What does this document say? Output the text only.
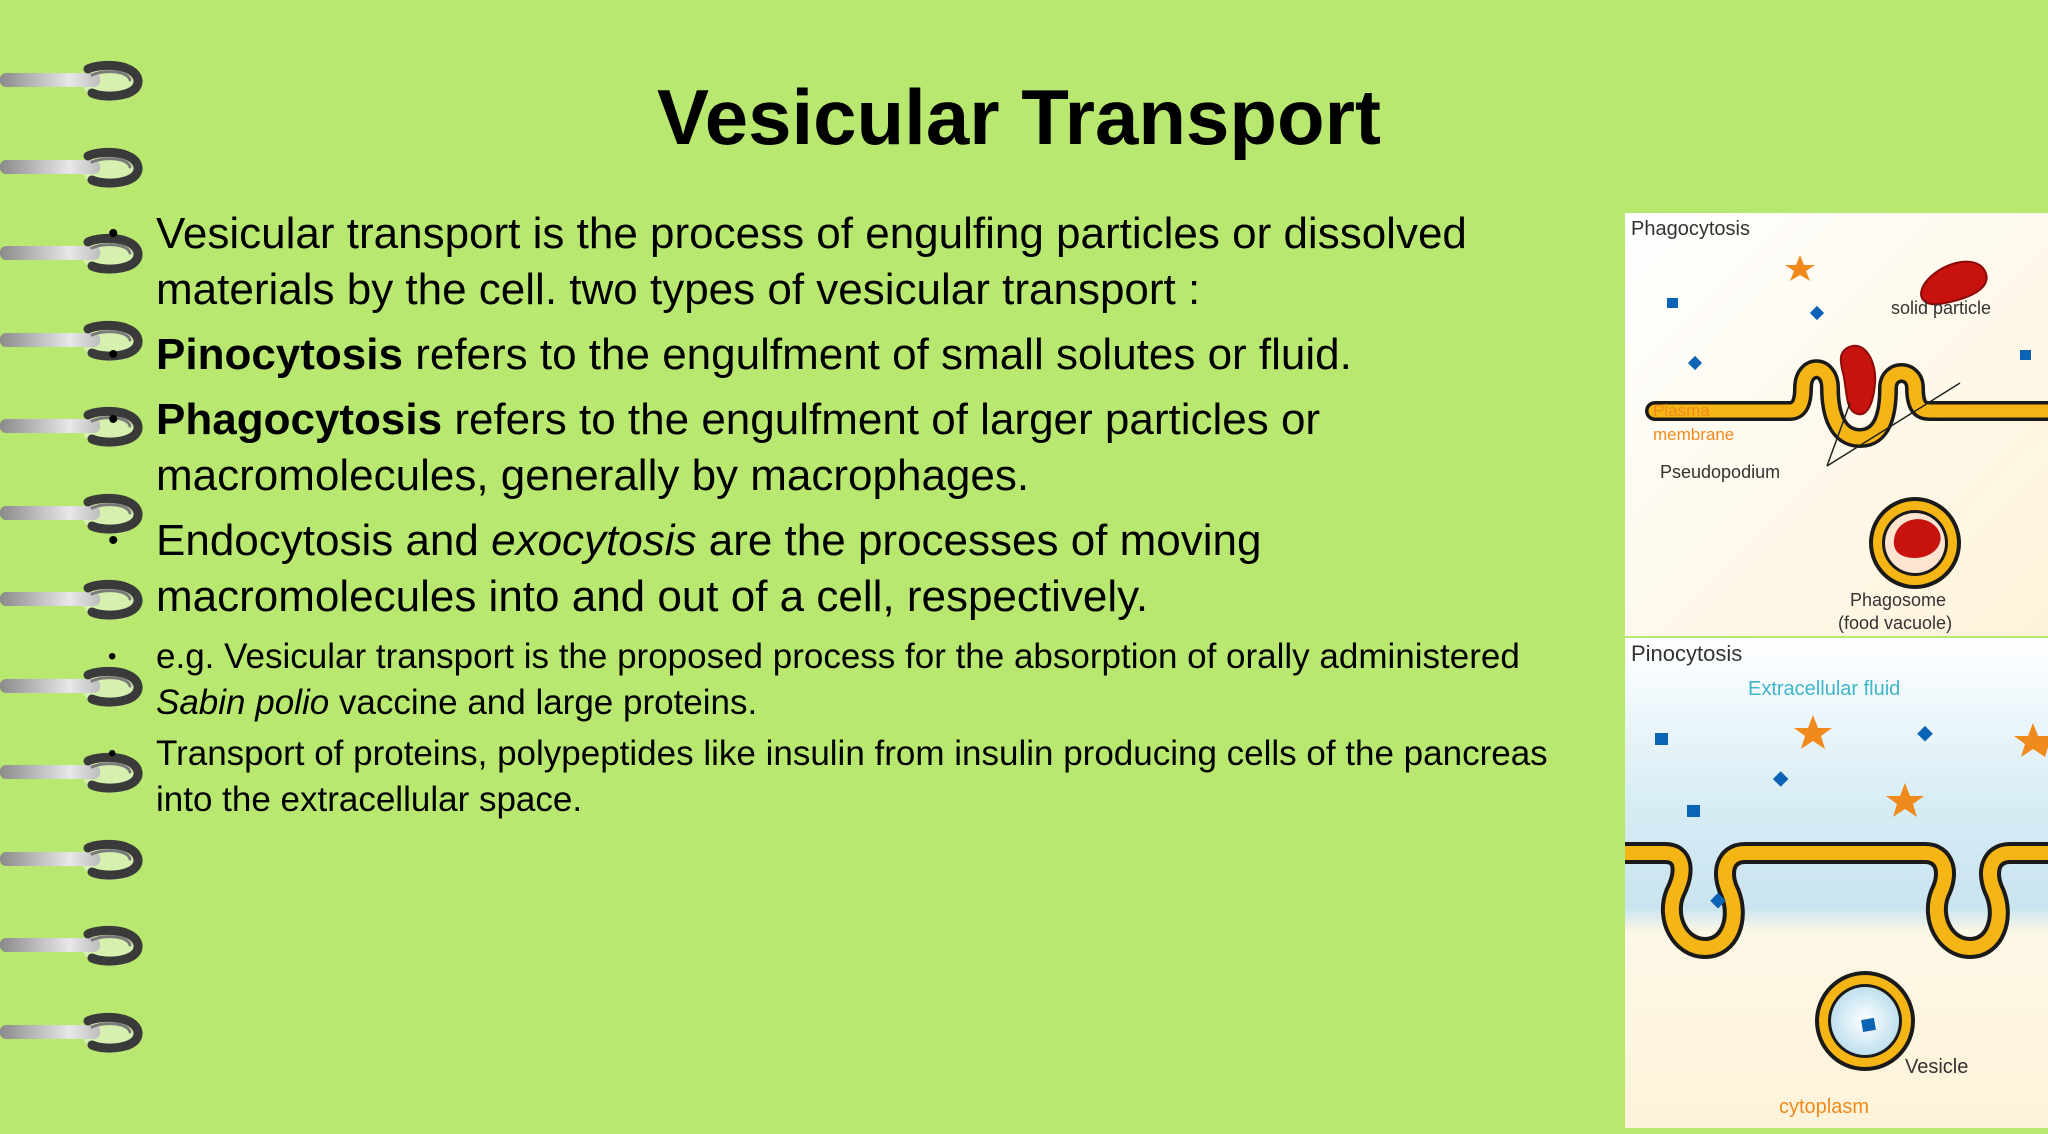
Vesicular Transport
• Vesicular transport is the process of engulfing particles or dissolved materials by the cell. two types of vesicular transport :
• Pinocytosis refers to the engulfment of small solutes or fluid.
• Phagocytosis refers to the engulfment of larger particles or macromolecules, generally by macrophages.
• Endocytosis and exocytosis are the processes of moving macromolecules into and out of a cell, respectively.
• e.g. Vesicular transport is the proposed process for the absorption of orally administered Sabin polio vaccine and large proteins.
• Transport of proteins, polypeptides like insulin from insulin producing cells of the pancreas into the extracellular space.
Phagocytosis
solid particle
Plasma
membrane
Pseudopodium
Phagosome
(food vacuole)
Pinocytosis
Extracellular fluid
Vesicle
cytoplasm
